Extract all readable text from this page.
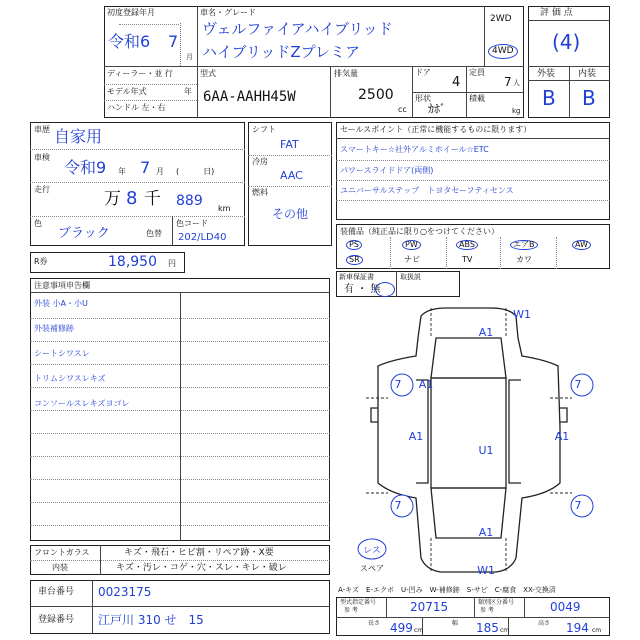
初度登録年月
令和6 7
月
車名・グレード
ヴェルファイアハイブリッド
ハイブリッドZプレミア
2WD
4WD
ディーラー・並 行
モデル年式	年
ハンドル 左・右
型式
6AA-AAHH45W
排気量
2500
cc
ドア
4
定員
7 人
形状
ｶﾎﾞ
積載
kg
評 価 点
(4)
外装	内装
B B
車歴 自家用
車検
令和9 年 7 月 (　　　日)
走行	万 8 千 889 km
色
ブラック	色替
色コード
202/LD40
シフト
FAT
冷房
AAC
燃料
その他
R券	18,950 円
セールスポイント（正常に機能するものに限ります）
スマートキー☆社外アルミホイール☆ETC
パワースライドドア(両側)
ユニバーサルステップ　トヨタセーフティセンス
装備品（純正品に限り○をつけてください）
PS	PW	ABS	エアB	AW
SR	ナビ	TV	カワ
新車保証書
有 ・ 無
取扱説
注意事項申告欄
外装 小A・小U
外装補修跡
シートシワスレ
トリムシワスレキズ
コンソールスレキズヨゴレ
W1
A1
7 A1	7
A1
U1
A1
7	7
A1
W1
レス
スペア
A-キズ　E-エクボ　U-凹み　W-補修跡　S-サビ　C-腐食　XX-交換済
フロントガラス
内装
キズ・飛石・ヒビ割・リペア跡・X要
キズ・汚レ・コゲ・穴・スレ・キレ・破レ
車台番号 0023175
登録番号 江戸川 310 せ　15
型式指定番号
参 考	20715	類別区分番号
参 考	0049
長さ 499 cm
幅 185 cm
高さ 194 cm
